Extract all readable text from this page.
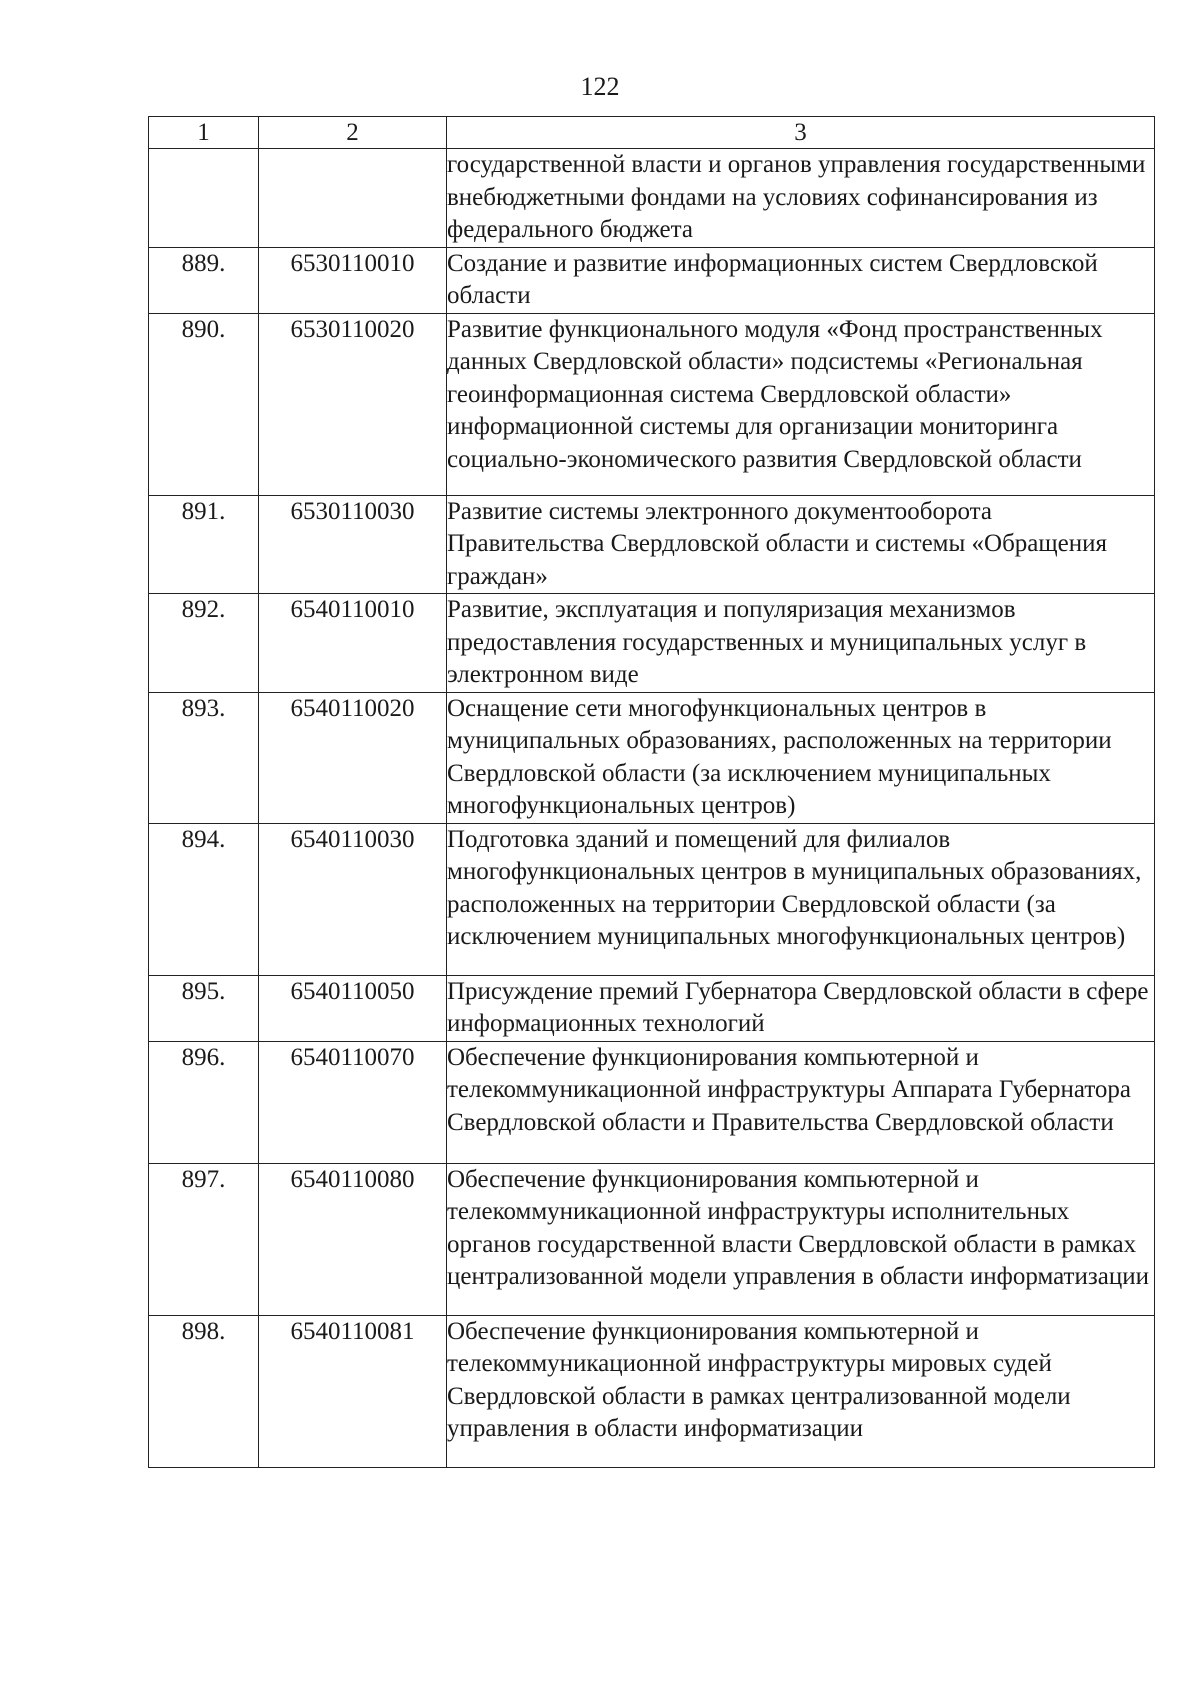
122
1	2	3
		государственной власти и органов управления государственными внебюджетными фондами на условиях софинансирования из федерального бюджета
889.	6530110010	Создание и развитие информационных систем Свердловской области
890.	6530110020	Развитие функционального модуля «Фонд пространственных данных Свердловской области» подсистемы «Региональная геоинформационная система Свердловской области» информационной системы для организации мониторинга социально-экономического развития Свердловской области
891.	6530110030	Развитие системы электронного документооборота Правительства Свердловской области и системы «Обращения граждан»
892.	6540110010	Развитие, эксплуатация и популяризация механизмов предоставления государственных и муниципальных услуг в электронном виде
893.	6540110020	Оснащение сети многофункциональных центров в муниципальных образованиях, расположенных на территории Свердловской области (за исключением муниципальных многофункциональных центров)
894.	6540110030	Подготовка зданий и помещений для филиалов многофункциональных центров в муниципальных образованиях, расположенных на территории Свердловской области (за исключением муниципальных многофункциональных центров)
895.	6540110050	Присуждение премий Губернатора Свердловской области в сфере информационных технологий
896.	6540110070	Обеспечение функционирования компьютерной и телекоммуникационной инфраструктуры Аппарата Губернатора Свердловской области и Правительства Свердловской области
897.	6540110080	Обеспечение функционирования компьютерной и телекоммуникационной инфраструктуры исполнительных органов государственной власти Свердловской области в рамках централизованной модели управления в области информатизации
898.	6540110081	Обеспечение функционирования компьютерной и телекоммуникационной инфраструктуры мировых судей Свердловской области в рамках централизованной модели управления в области информатизации
